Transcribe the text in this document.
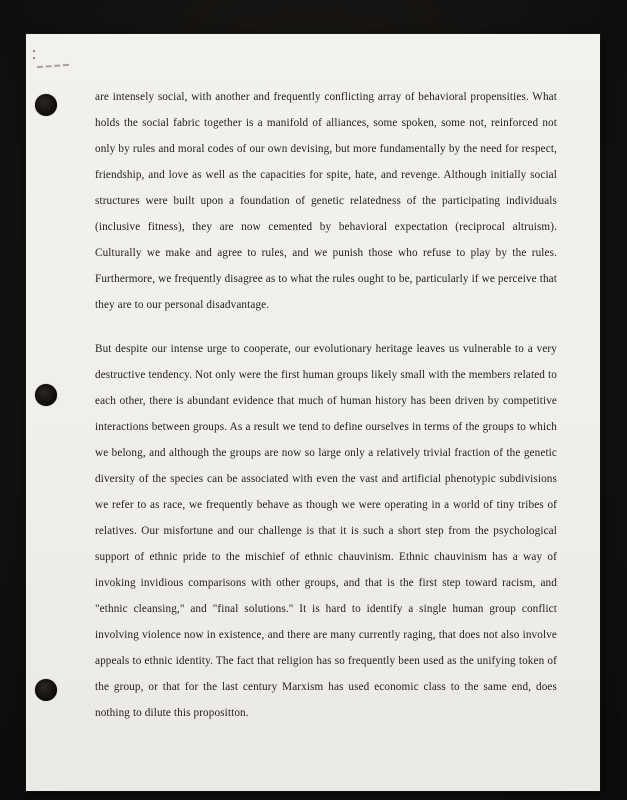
are intensely social, with another and frequently conflicting array of behavioral propensities. What holds the social fabric together is a manifold of alliances, some spoken, some not, reinforced not only by rules and moral codes of our own devising, but more fundamentally by the need for respect, friendship, and love as well as the capacities for spite, hate, and revenge. Although initially social structures were built upon a foundation of genetic relatedness of the participating individuals (inclusive fitness), they are now cemented by behavioral expectation (reciprocal altruism). Culturally we make and agree to rules, and we punish those who refuse to play by the rules. Furthermore, we frequently disagree as to what the rules ought to be, particularly if we perceive that they are to our personal disadvantage.

But despite our intense urge to cooperate, our evolutionary heritage leaves us vulnerable to a very destructive tendency. Not only were the first human groups likely small with the members related to each other, there is abundant evidence that much of human history has been driven by competitive interactions between groups. As a result we tend to define ourselves in terms of the groups to which we belong, and although the groups are now so large only a relatively trivial fraction of the genetic diversity of the species can be associated with even the vast and artificial phenotypic subdivisions we refer to as race, we frequently behave as though we were operating in a world of tiny tribes of relatives. Our misfortune and our challenge is that it is such a short step from the psychological support of ethnic pride to the mischief of ethnic chauvinism. Ethnic chauvinism has a way of invoking invidious comparisons with other groups, and that is the first step toward racism, and "ethnic cleansing," and "final solutions." It is hard to identify a single human group conflict involving violence now in existence, and there are many currently raging, that does not also involve appeals to ethnic identity. The fact that religion has so frequently been used as the unifying token of the group, or that for the last century Marxism has used economic class to the same end, does nothing to dilute this propositton.
